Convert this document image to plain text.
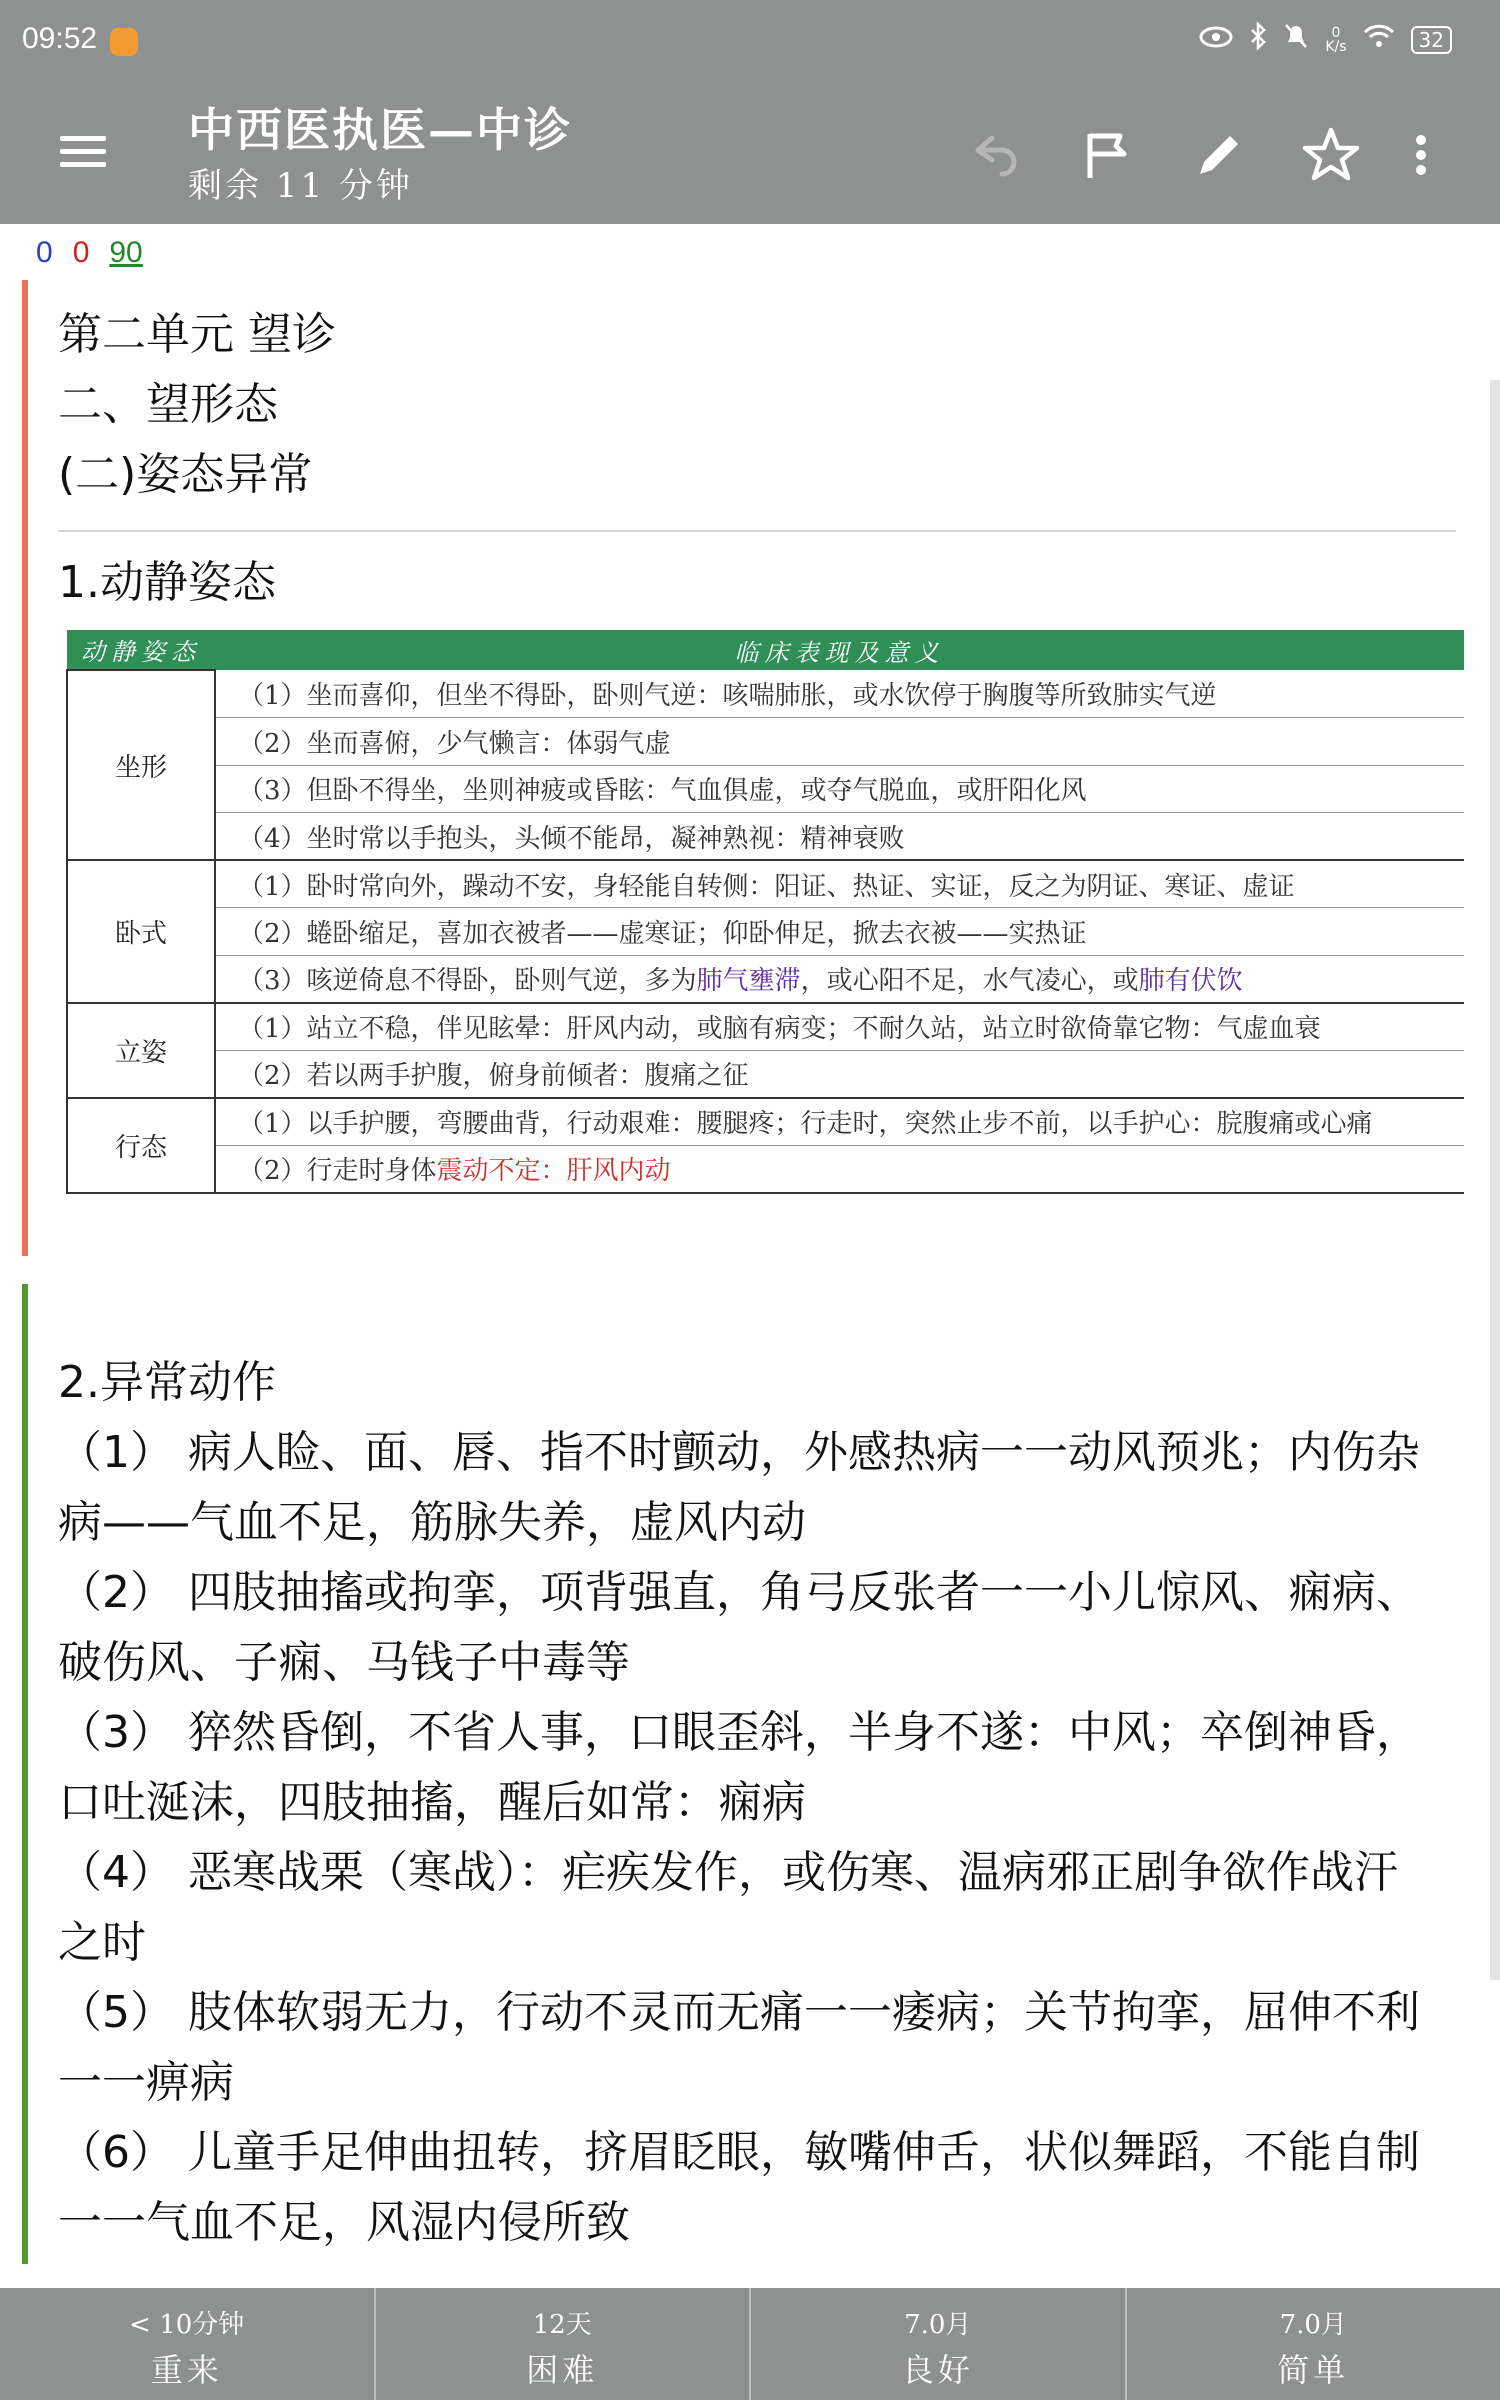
09:52	0
K/s	32
中西医执医—中诊
剩余 11 分钟
0 0 90
第二单元 望诊
二、望形态
(二)姿态异常
1.动静姿态
动静姿态	临床表现及意义
坐形	（1）坐而喜仰，但坐不得卧，卧则气逆：咳喘肺胀，或水饮停于胸腹等所致肺实气逆
	（2）坐而喜俯，少气懒言：体弱气虚
	（3）但卧不得坐，坐则神疲或昏眩：气血俱虚，或夺气脱血，或肝阳化风
	（4）坐时常以手抱头，头倾不能昂，凝神熟视：精神衰败
卧式	（1）卧时常向外，躁动不安，身轻能自转侧：阳证、热证、实证，反之为阴证、寒证、虚证
	（2）蜷卧缩足，喜加衣被者——虚寒证；仰卧伸足，掀去衣被——实热证
	（3）咳逆倚息不得卧，卧则气逆，多为肺气壅滞，或心阳不足，水气凌心，或肺有伏饮
立姿	（1）站立不稳，伴见眩晕：肝风内动，或脑有病变；不耐久站，站立时欲倚靠它物：气虚血衰
	（2）若以两手护腹，俯身前倾者：腹痛之征
行态	（1）以手护腰，弯腰曲背，行动艰难：腰腿疼；行走时，突然止步不前，以手护心：脘腹痛或心痛
	（2）行走时身体震动不定：肝风内动
2.异常动作
（1） 病人睑、面、唇、指不时颤动，外感热病一一动风预兆；内伤杂病——气血不足，筋脉失养，虚风内动
（2） 四肢抽搐或拘挛，项背强直，角弓反张者一一小儿惊风、痫病、破伤风、子痫、马钱子中毒等
（3） 猝然昏倒，不省人事，口眼歪斜，半身不遂：中风；卒倒神昏，口吐涎沫，四肢抽搐，醒后如常：痫病
（4） 恶寒战栗（寒战）：疟疾发作，或伤寒、温病邪正剧争欲作战汗之时
（5） 肢体软弱无力，行动不灵而无痛一一痿病；关节拘挛，屈伸不利一一痹病
（6） 儿童手足伸曲扭转，挤眉眨眼，敏嘴伸舌，状似舞蹈，不能自制一一气血不足，风湿内侵所致
< 10分钟
重来
12天
困难
7.0月
良好
7.0月
简单
